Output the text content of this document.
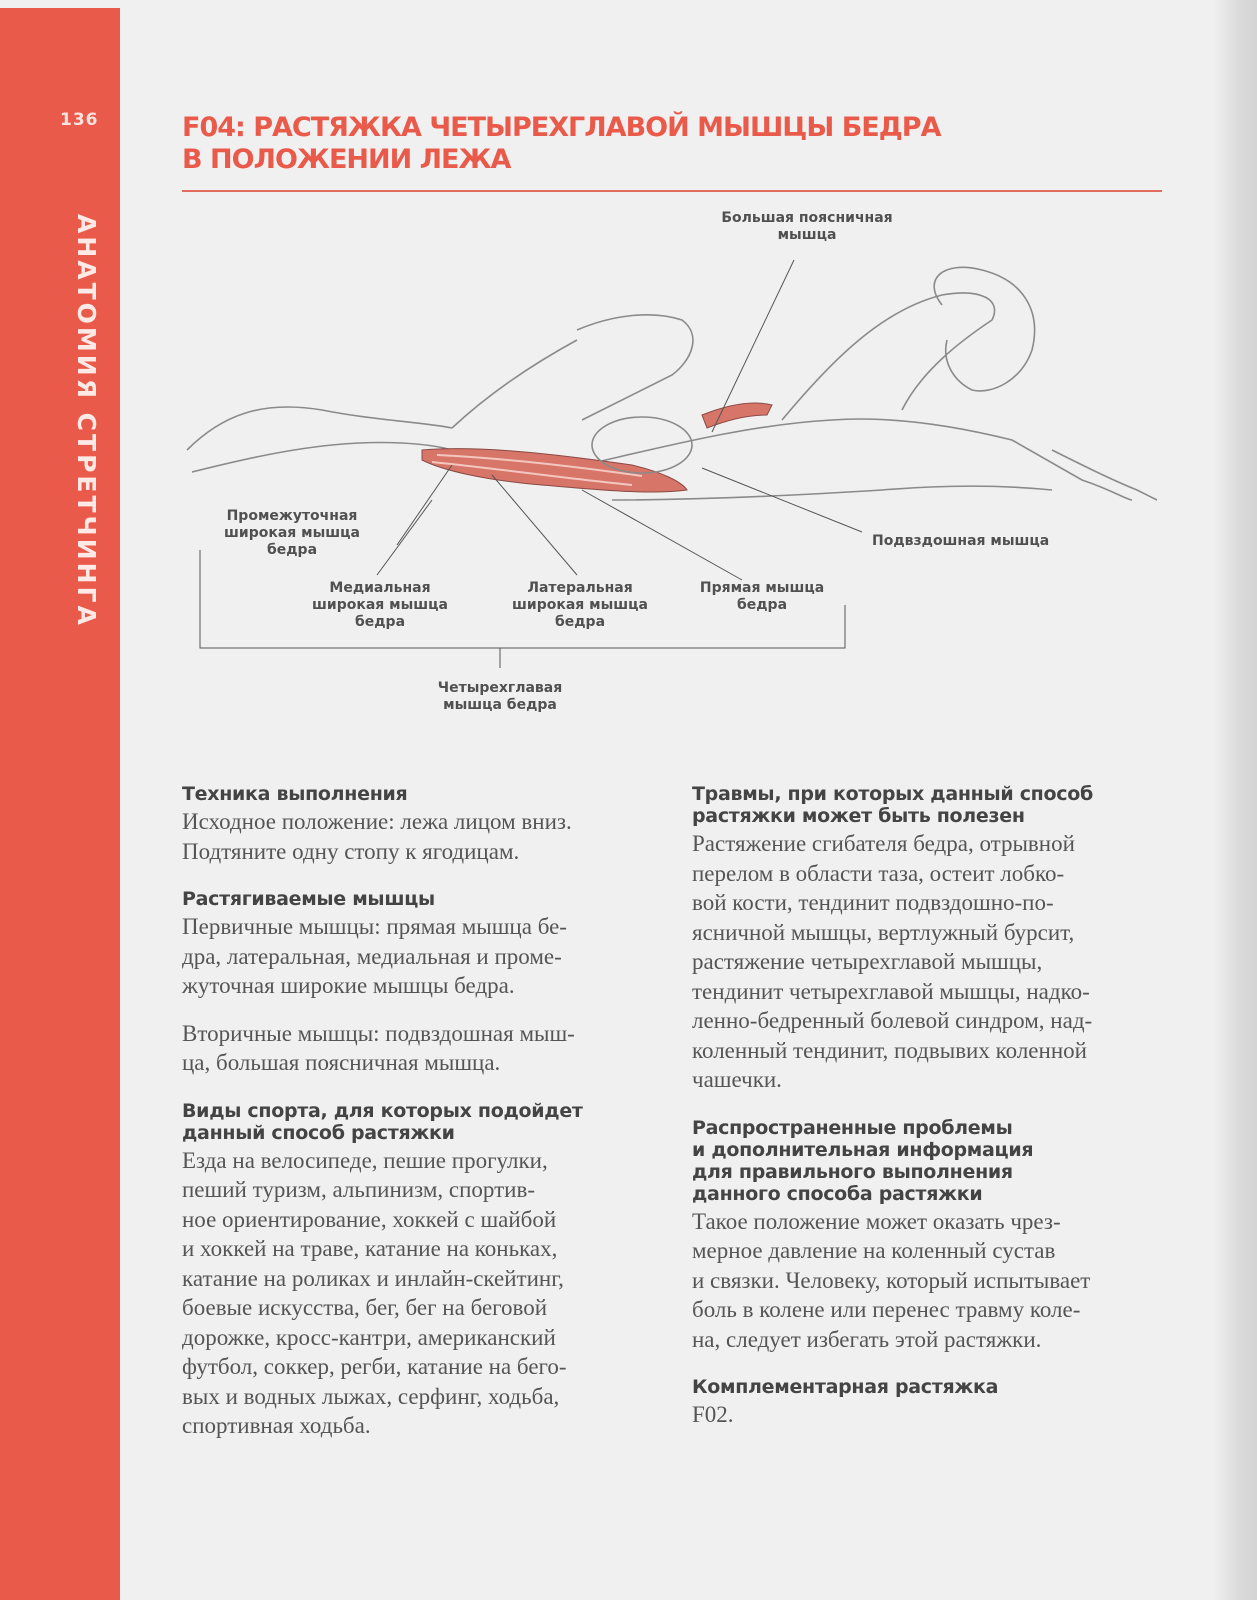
136
АНАТОМИЯ СТРЕТЧИНГА
F04: РАСТЯЖКА ЧЕТЫРЕХГЛАВОЙ МЫШЦЫ БЕДРА
В ПОЛОЖЕНИИ ЛЕЖА
Большая поясничная
мышца
Промежуточная
широкая мышца
бедра
Медиальная
широкая мышца
бедра
Латеральная
широкая мышца
бедра
Прямая мышца
бедра
Подвздошная мышца
Четырехглавая
мышца бедра
Техника выполнения
Исходное положение: лежа лицом вниз.
Подтяните одну стопу к ягодицам.
Растягиваемые мышцы
Первичные мышцы: прямая мышца бе-
дра, латеральная, медиальная и проме-
жуточная широкие мышцы бедра.
Вторичные мышцы: подвздошная мыш-
ца, большая поясничная мышца.
Виды спорта, для которых подойдет
данный способ растяжки
Езда на велосипеде, пешие прогулки,
пеший туризм, альпинизм, спортив-
ное ориентирование, хоккей с шайбой
и хоккей на траве, катание на коньках,
катание на роликах и инлайн-скейтинг,
боевые искусства, бег, бег на беговой
дорожке, кросс-кантри, американский
футбол, соккер, регби, катание на бего-
вых и водных лыжах, серфинг, ходьба,
спортивная ходьба.
Травмы, при которых данный способ
растяжки может быть полезен
Растяжение сгибателя бедра, отрывной
перелом в области таза, остеит лобко-
вой кости, тендинит подвздошно-по-
ясничной мышцы, вертлужный бурсит,
растяжение четырехглавой мышцы,
тендинит четырехглавой мышцы, надко-
ленно-бедренный болевой синдром, над-
коленный тендинит, подвывих коленной
чашечки.
Распространенные проблемы
и дополнительная информация
для правильного выполнения
данного способа растяжки
Такое положение может оказать чрез-
мерное давление на коленный сустав
и связки. Человеку, который испытывает
боль в колене или перенес травму коле-
на, следует избегать этой растяжки.
Комплементарная растяжка
F02.
